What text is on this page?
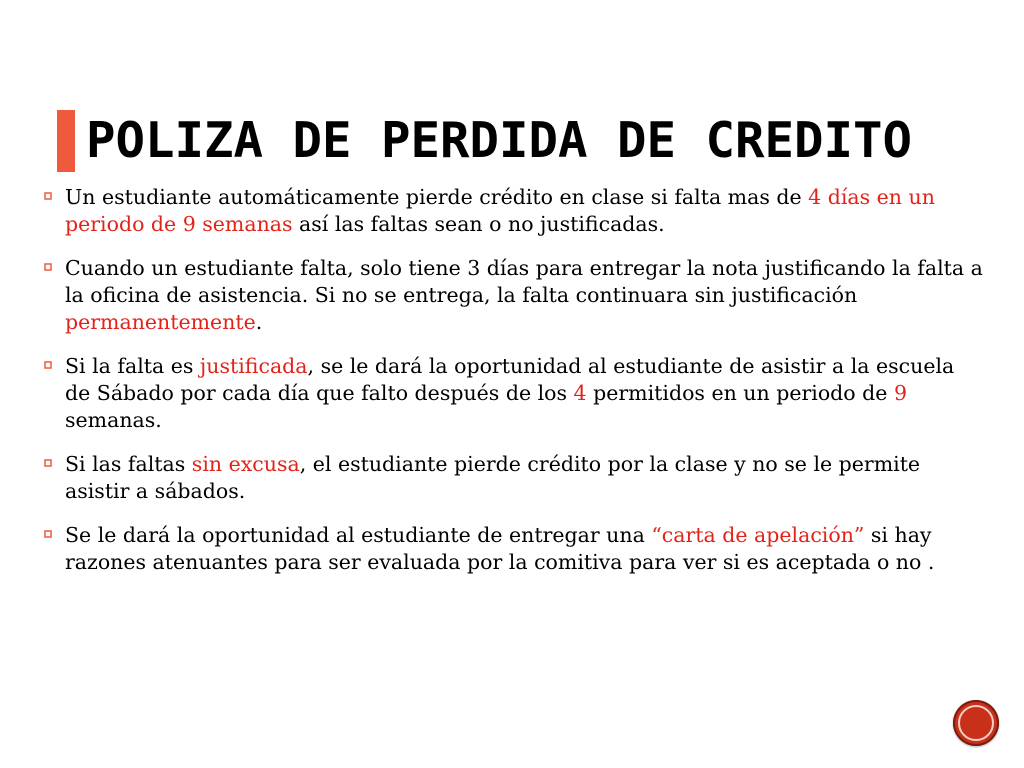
POLIZA DE PERDIDA DE CREDITO
Un estudiante automáticamente pierde crédito en clase si falta mas de 4 días en un periodo de 9 semanas así las faltas sean o no justificadas.
Cuando un estudiante falta, solo tiene 3 días para entregar la nota justificando la falta a la oficina de asistencia. Si no se entrega, la falta continuara sin justificación permanentemente.
Si la falta es justificada, se le dará la oportunidad al estudiante de asistir a la escuela de Sábado por cada día que falto después de los 4 permitidos en un periodo de 9 semanas.
Si las faltas sin excusa, el estudiante pierde crédito por la clase y no se le permite asistir a sábados.
Se le dará la oportunidad al estudiante de entregar una “carta de apelación” si hay razones atenuantes para ser evaluada por la comitiva para ver si es aceptada o no .
